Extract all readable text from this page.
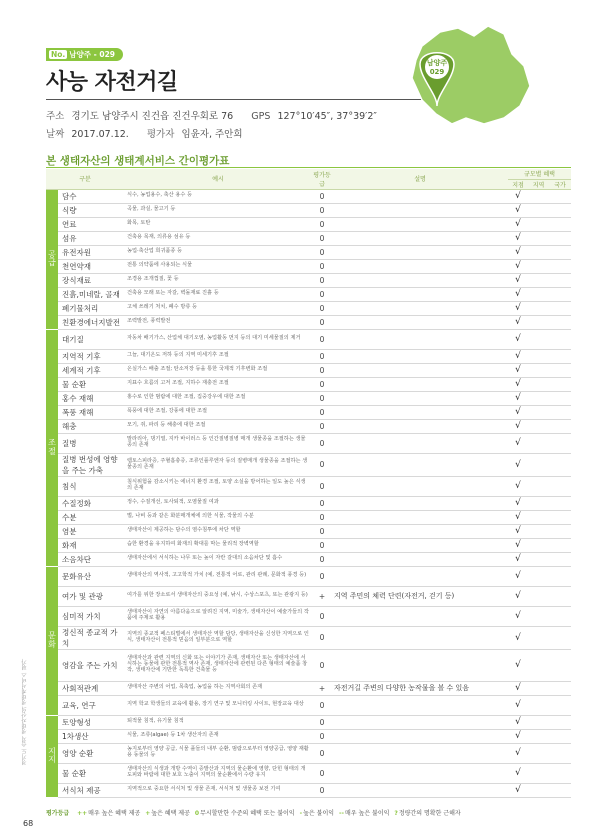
No. 남양주 - 029
사능 자전거길
주소 경기도 남양주시 진건읍 진건우회로 76 GPS 127°10′45″, 37°39′2″
날짜 2017.07.12. 평가자 임윤자, 주안희
남양주
029
본 생태자산의 생태계서비스 간이평가표
구분		예시	평가등급	설명	규모별 혜택		
					지점	지역	국가
공급	담수	식수, 농업용수, 축산 용수 등	0		√		
	식량	곡물, 과실, 물고기 등	0		√		
	연료	화목, 토탄	0		√		
	섬유	건축용 목재, 의류용 섬유 등	0		√		
	유전자원	농업·축산업 희귀품종 등	0		√		
	천연약재	전통 의약품에 사용되는 식물	0		√		
	장식재료	조경용 조개껍질, 꽃 등	0		√		
	진흙,미네랄, 골재	건축용 모래 또는 자갈, 벽돌재료 진흙 등	0		√		
	폐기물처리	고체 쓰레기 처치, 폐수 방류 등	0		√		
	친환경에너지발전	조력발전, 풍력발전	0		√		
조절	대기질	자동차 배기가스, 산업체 대기오염, 농업활동 먼지 등의 대기 미세물질의 제거	0		√		
	지역적 기후	그늘, 대기온도 저하 등의 지역 미세기후 조절	0		√		
	세계적 기후	온실가스 배출 조절; 탄소저장 등을 통한 국제적 기후변화 조절	0		√		
	물 순환	지표수 흐름의 고저 조절, 지하수 재충전 조절	0		√		
	홍수 재해	홍수로 인한 범람에 대한 조절, 집중강우에 대한 조절	0		√		
	폭풍 재해	폭풍에 대한 조절, 강풍에 대한 조절	0		√		
	해충	모기, 쥐, 파리 등 해충에 대한 조절	0		√		
	질병	말라리아, 댕기열, 지카 바이러스 등 인간질병질병 매개 생물종을 조절하는 생물종의 존재	0		√		
	질병 번성에 영향을 주는 가축	렙토스피라증, 주혈흡충증, 조류인플루엔자 등의 질병매개 생물종을 조절하는 생물종의 존재	0		√		
	침식	침식위험을 감소시키는 에너지 환경 조절, 토양 소실을 방어하는 일도 높은 식생의 존재	0		√		
	수질정화	정수, 수질개선, 토사퇴적, 오염물질 여과	0		√		
	수분	벌, 나비 등과 같은 화분매개체에 의한 식물, 작물의 수분	0		√		
	염분	생태자산이 제공하는 담수의 염수침투에 차단 역할	0		√		
	화재	습한 환경을 유지하여 화재의 확대를 막는 물리적 장벽역할	0		√		
	소음차단	생태자산에서 서식하는 나무 또는 높이 자란 갈대의 소음차단 및 흡수	0		√		
문화	문화유산	생태자산의 역사적, 고고학적 가치 (예, 전통적 어로, 관리 관례, 문화적 풍경 등)	0		√		
	여가 및 관광	여가를 위한 장소로서 생태자산의 중요성 (예, 낚시, 수상스포츠, 또는 관광지 등)	+	지역 주민의 체력 단련(자전거, 걷기 등)	√		
	심미적 가치	생태자산이 자연의 아름다움으로 알려진 지역, 미술가, 생태자산이 예술가들의 작품에 주제로 활용	0		√		
	정신적 종교적 가치	지역의 종교적 페스티벌에서 생태자산 역할 담당, 생태자산을 신성한 지역으로 인식, 생태자산이 전통적 믿음의 일부분으로 역할	0		√		
	영감을 주는 가치	생태자산과 관련 지역의 신화 또는 이야기가 존재, 생태자산 또는 생태자산에 서식하는 동물에 관한 전통적 역사 존재, 생태자산에 관련된 다른 형태의 예술품 창작, 생태자산에 기반한 독특한 건축물 등	0		√		
	사회적관계	생태자산 주변의 어업, 목축업, 농업을 하는 지역사회의 존재	+	자전거길 주변의 다양한 농작물을 볼 수 있음	√		
	교육, 연구	지역 학교 학생들의 교육에 활용, 장기 연구 및 모니터링 사이트, 현장교육 대상	0		√		
지지	토양형성	퇴적물 침적, 유기물 침적	0		√		
	1차생산	식물, 조류(algae) 등 1차 생산자의 존재	0		√		
	영양 순환	농지로부터 영양 공급, 식물 플들의 내부 순환, 범람으로부터 영양공급, 영양 재활용 동물의 등	0		√		
	물 순환	생태자산의 식생과 개방 수역이 증발산과 지역의 물순환에 영향, 단힌 형태의 개도피와 바람에 대한 보호 노출이 지역의 물순환에서 수량 유지	0		√		
	서식처 제공	지역적으로 중요한 서식처 및 생물 존재, 서식처 및 생물종 보전 기여	0		√		
경기도 습지 생태자산의 생태계서비스 평가
68
평가등급 ++매우 높은 혜택 제공 +높은 혜택 제공 0무시할만한 수준의 혜택 또는 불이익 -높은 불이익 --매우 높은 불이익 ?정량간의 명확한 근해자
